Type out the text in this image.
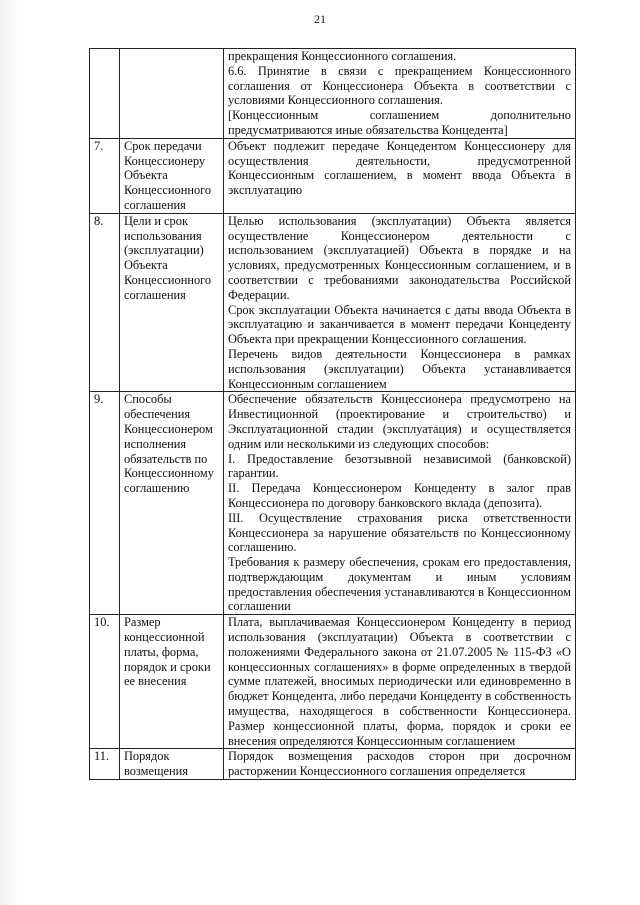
21

		прекращения Концессионного соглашения.
6.6. Принятие в связи с прекращением Концессионного соглашения от Концессионера Объекта в соответствии с условиями Концессионного соглашения.
[Концессионным соглашением дополнительно предусматриваются иные обязательства Концедента]

7.	Срок передачи Концессионеру Объекта Концессионного соглашения	Объект подлежит передаче Концедентом Концессионеру для осуществления деятельности, предусмотренной Концессионным соглашением, в момент ввода Объекта в эксплуатацию

8.	Цели и срок использования (эксплуатации) Объекта Концессионного соглашения	Целью использования (эксплуатации) Объекта является осуществление Концессионером деятельности с использованием (эксплуатацией) Объекта в порядке и на условиях, предусмотренных Концессионным соглашением, и в соответствии с требованиями законодательства Российской Федерации.
Срок эксплуатации Объекта начинается с даты ввода Объекта в эксплуатацию и заканчивается в момент передачи Концеденту Объекта при прекращении Концессионного соглашения.
Перечень видов деятельности Концессионера в рамках использования (эксплуатации) Объекта устанавливается Концессионным соглашением

9.	Способы обеспечения Концессионером исполнения обязательств по Концессионному соглашению	Обеспечение обязательств Концессионера предусмотрено на Инвестиционной (проектирование и строительство) и Эксплуатационной стадии (эксплуатация) и осуществляется одним или несколькими из следующих способов:
I. Предоставление безотзывной независимой (банковской) гарантии.
II. Передача Концессионером Концеденту в залог прав Концессионера по договору банковского вклада (депозита).
III. Осуществление страхования риска ответственности Концессионера за нарушение обязательств по Концессионному соглашению.
Требования к размеру обеспечения, срокам его предоставления, подтверждающим документам и иным условиям предоставления обеспечения устанавливаются в Концессионном соглашении

10.	Размер концессионной платы, форма, порядок и сроки ее внесения	Плата, выплачиваемая Концессионером Концеденту в период использования (эксплуатации) Объекта в соответствии с положениями Федерального закона от 21.07.2005 № 115-ФЗ «О концессионных соглашениях» в форме определенных в твердой сумме платежей, вносимых периодически или единовременно в бюджет Концедента, либо передачи Концеденту в собственность имущества, находящегося в собственности Концессионера. Размер концессионной платы, форма, порядок и сроки ее внесения определяются Концессионным соглашением

11.	Порядок возмещения	Порядок возмещения расходов сторон при досрочном расторжении Концессионного соглашения определяется
